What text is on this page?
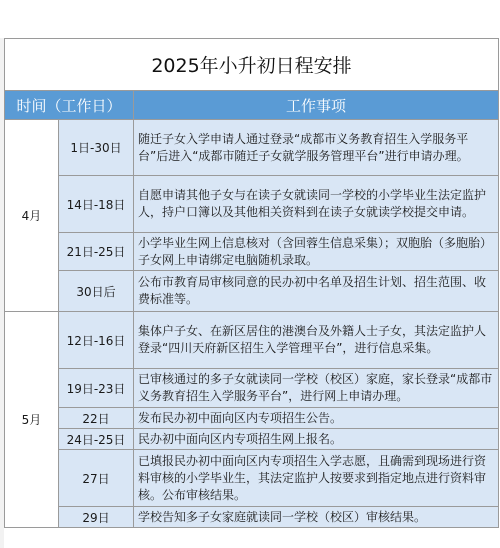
2025年小升初日程安排		
时间（工作日）		工作事项
4月	1日-30日	随迁子女入学申请人通过登录“成都市义务教育招生入学服务平台”后进入“成都市随迁子女就学服务管理平台”进行申请办理。
	14日-18日	自愿申请其他子女与在读子女就读同一学校的小学毕业生法定监护人，持户口簿以及其他相关资料到在读子女就读学校提交申请。
	21日-25日	小学毕业生网上信息核对（含回蓉生信息采集）；双胞胎（多胞胎）子女网上申请绑定电脑随机录取。
	30日后	公布市教育局审核同意的民办初中名单及招生计划、招生范围、收费标准等。
5月	12日-16日	集体户子女、在新区居住的港澳台及外籍人士子女，其法定监护人登录“四川天府新区招生入学管理平台”，进行信息采集。
	19日-23日	已审核通过的多子女就读同一学校（校区）家庭，家长登录“成都市义务教育招生入学服务平台”，进行网上申请办理。
	22日	发布民办初中面向区内专项招生公告。
	24日-25日	民办初中面向区内专项招生网上报名。
	27日	已填报民办初中面向区内专项招生入学志愿，且确需到现场进行资料审核的小学毕业生，其法定监护人按要求到指定地点进行资料审核。公布审核结果。
	29日	学校告知多子女家庭就读同一学校（校区）审核结果。
